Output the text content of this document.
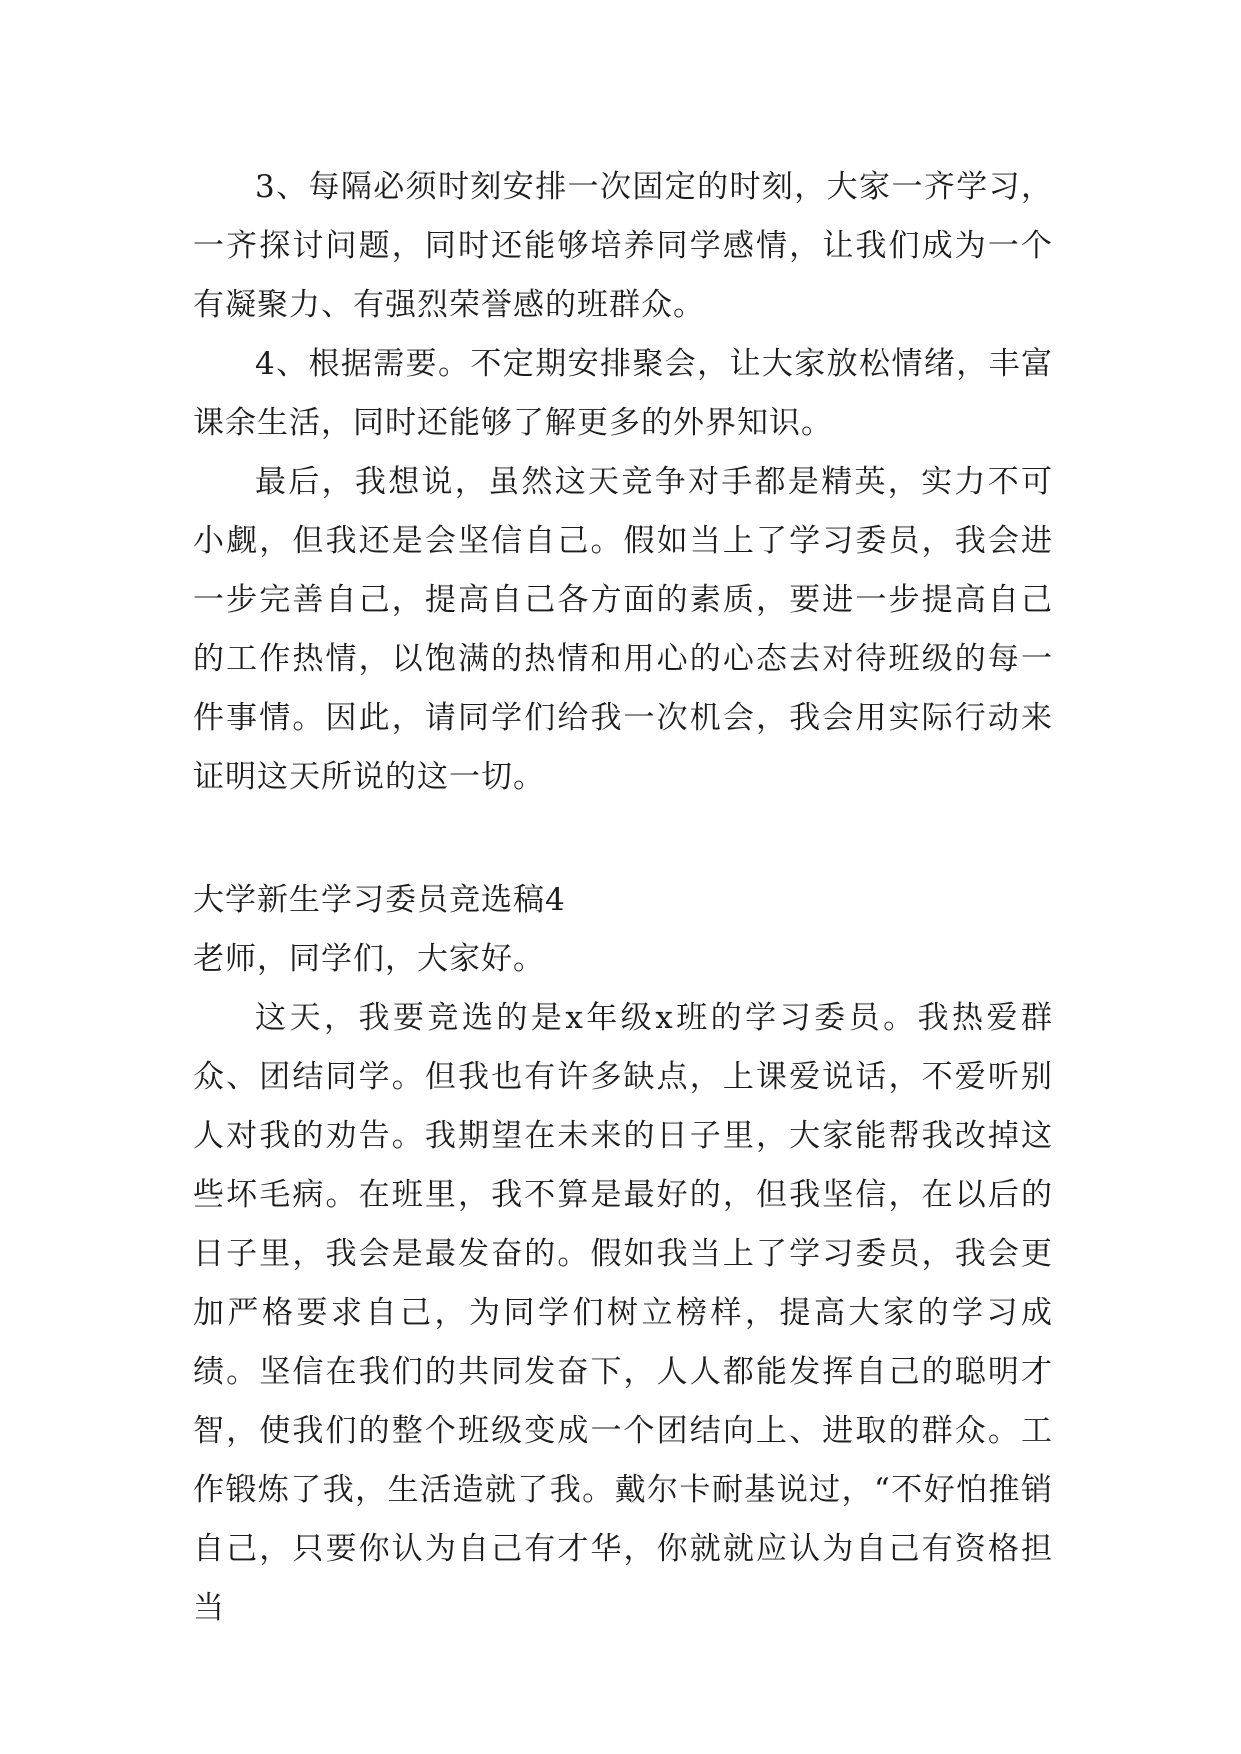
3、每隔必须时刻安排一次固定的时刻，大家一齐学习，一齐探讨问题，同时还能够培养同学感情，让我们成为一个有凝聚力、有强烈荣誉感的班群众。

4、根据需要。不定期安排聚会，让大家放松情绪，丰富课余生活，同时还能够了解更多的外界知识。

最后，我想说，虽然这天竞争对手都是精英，实力不可小觑，但我还是会坚信自己。假如当上了学习委员，我会进一步完善自己，提高自己各方面的素质，要进一步提高自己的工作热情，以饱满的热情和用心的心态去对待班级的每一件事情。因此，请同学们给我一次机会，我会用实际行动来证明这天所说的这一切。

大学新生学习委员竞选稿4

老师，同学们，大家好。

这天，我要竞选的是x年级x班的学习委员。我热爱群众、团结同学。但我也有许多缺点，上课爱说话，不爱听别人对我的劝告。我期望在未来的日子里，大家能帮我改掉这些坏毛病。在班里，我不算是最好的，但我坚信，在以后的日子里，我会是最发奋的。假如我当上了学习委员，我会更加严格要求自己，为同学们树立榜样，提高大家的学习成绩。坚信在我们的共同发奋下，人人都能发挥自己的聪明才智，使我们的整个班级变成一个团结向上、进取的群众。工作锻炼了我，生活造就了我。戴尔卡耐基说过，“不好怕推销自己，只要你认为自己有才华，你就就应认为自己有资格担当
